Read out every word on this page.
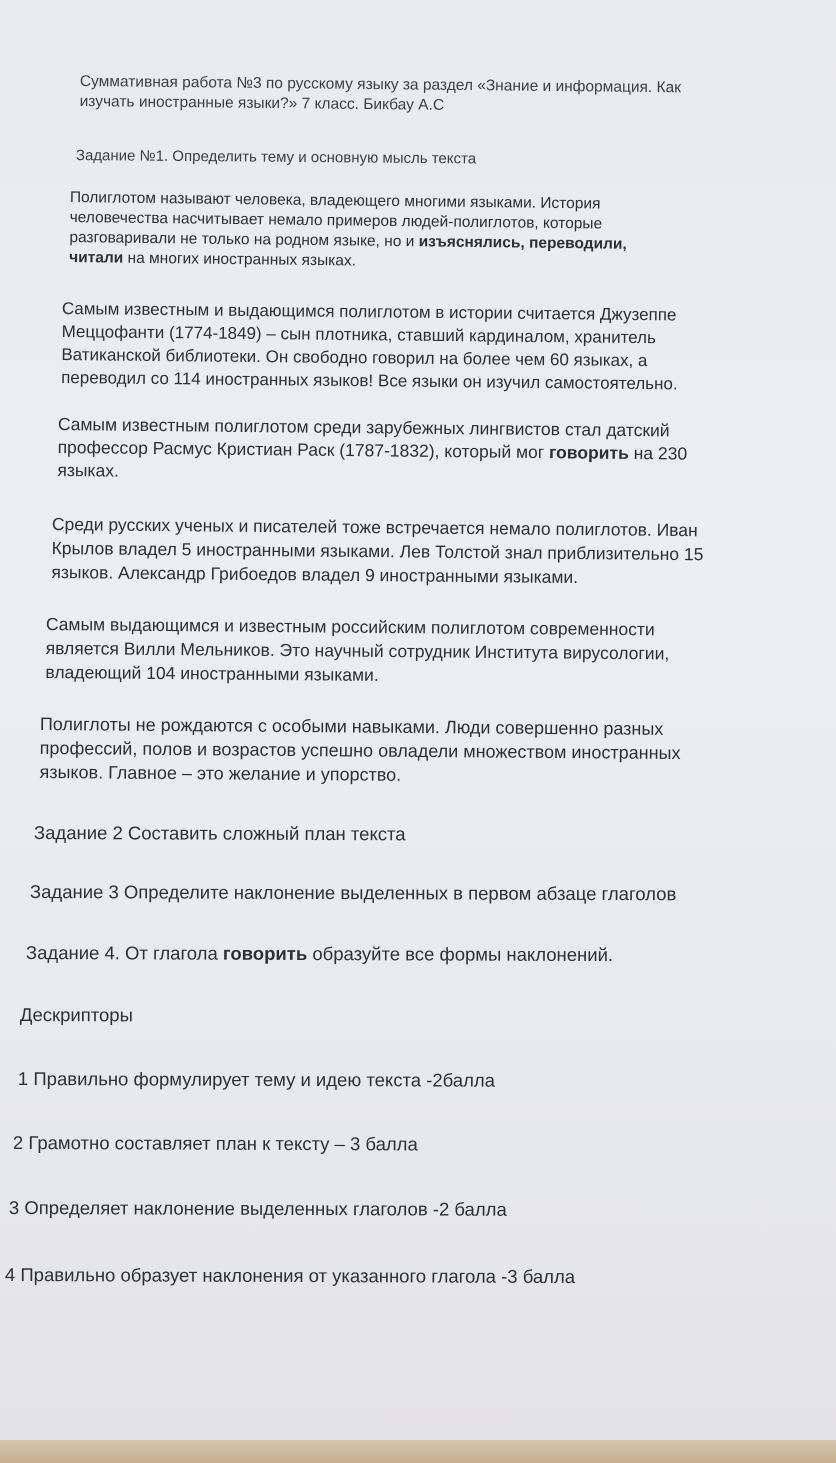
Суммативная работа №3 по русскому языку за раздел «Знание и информация. Как
изучать иностранные языки?» 7 класс. Бикбау А.С
Задание №1. Определить тему и основную мысль текста
Полиглотом называют человека, владеющего многими языками. История
человечества насчитывает немало примеров людей-полиглотов, которые
разговаривали не только на родном языке, но и изъяснялись, переводили,
читали на многих иностранных языках.
Самым известным и выдающимся полиглотом в истории считается Джузеппе
Меццофанти (1774-1849) – сын плотника, ставший кардиналом, хранитель
Ватиканской библиотеки. Он свободно говорил на более чем 60 языках, а
переводил со 114 иностранных языков! Все языки он изучил самостоятельно.
Самым известным полиглотом среди зарубежных лингвистов стал датский
профессор Расмус Кристиан Раск (1787-1832), который мог говорить на 230
языках.
Среди русских ученых и писателей тоже встречается немало полиглотов. Иван
Крылов владел 5 иностранными языками. Лев Толстой знал приблизительно 15
языков. Александр Грибоедов владел 9 иностранными языками.
Самым выдающимся и известным российским полиглотом современности
является Вилли Мельников. Это научный сотрудник Института вирусологии,
владеющий 104 иностранными языками.
Полиглоты не рождаются с особыми навыками. Люди совершенно разных
профессий, полов и возрастов успешно овладели множеством иностранных
языков. Главное – это желание и упорство.
Задание 2 Составить сложный план текста
Задание 3 Определите наклонение выделенных в первом абзаце глаголов
Задание 4. От глагола говорить образуйте все формы наклонений.
Дескрипторы
1 Правильно формулирует тему и идею текста -2балла
2 Грамотно составляет план к тексту – 3 балла
3 Определяет наклонение выделенных глаголов -2 балла
4 Правильно образует наклонения от указанного глагола -3 балла
